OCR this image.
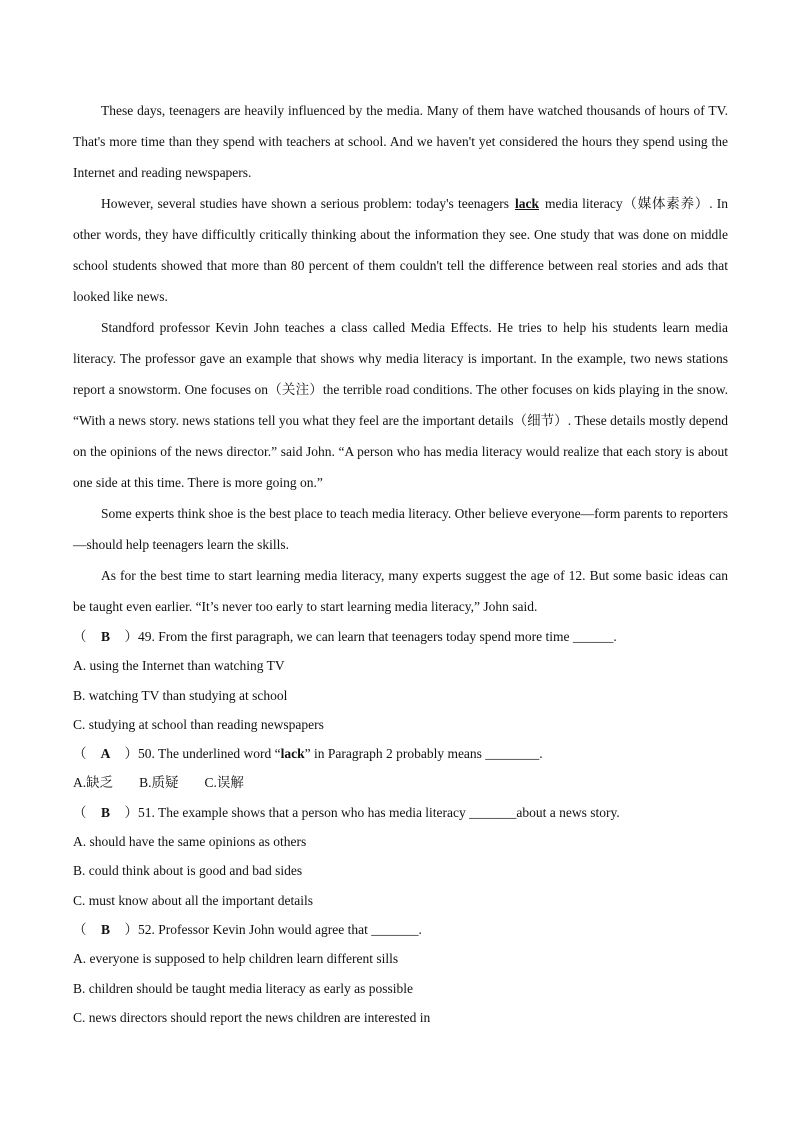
These days, teenagers are heavily influenced by the media. Many of them have watched thousands of hours of TV. That's more time than they spend with teachers at school. And we haven't yet considered the hours they spend using the Internet and reading newspapers.

However, several studies have shown a serious problem: today's teenagers lack media literacy（媒体素养）. In other words, they have difficultly critically thinking about the information they see. One study that was done on middle school students showed that more than 80 percent of them couldn't tell the difference between real stories and ads that looked like news.

Standford professor Kevin John teaches a class called Media Effects. He tries to help his students learn media literacy. The professor gave an example that shows why media literacy is important. In the example, two news stations report a snowstorm. One focuses on（关注）the terrible road conditions. The other focuses on kids playing in the snow. “With a news story. news stations tell you what they feel are the important details（细节）. These details mostly depend on the opinions of the news director.” said John. “A person who has media literacy would realize that each story is about one side at this time. There is more going on.”

Some experts think shoe is the best place to teach media literacy. Other believe everyone—form parents to reporters—should help teenagers learn the skills.

As for the best time to start learning media literacy, many experts suggest the age of 12. But some basic ideas can be taught even earlier. “It’s never too early to start learning media literacy,” John said.

（ B ）49. From the first paragraph, we can learn that teenagers today spend more time ______.
A. using the Internet than watching TV
B. watching TV than studying at school
C. studying at school than reading newspapers
（ A ）50. The underlined word “lack” in Paragraph 2 probably means ________.
A.缺乏 B.质疑 C.误解
（ B ）51. The example shows that a person who has media literacy _______about a news story.
A. should have the same opinions as others
B. could think about is good and bad sides
C. must know about all the important details
（ B ）52. Professor Kevin John would agree that _______.
A. everyone is supposed to help children learn different sills
B. children should be taught media literacy as early as possible
C. news directors should report the news children are interested in
